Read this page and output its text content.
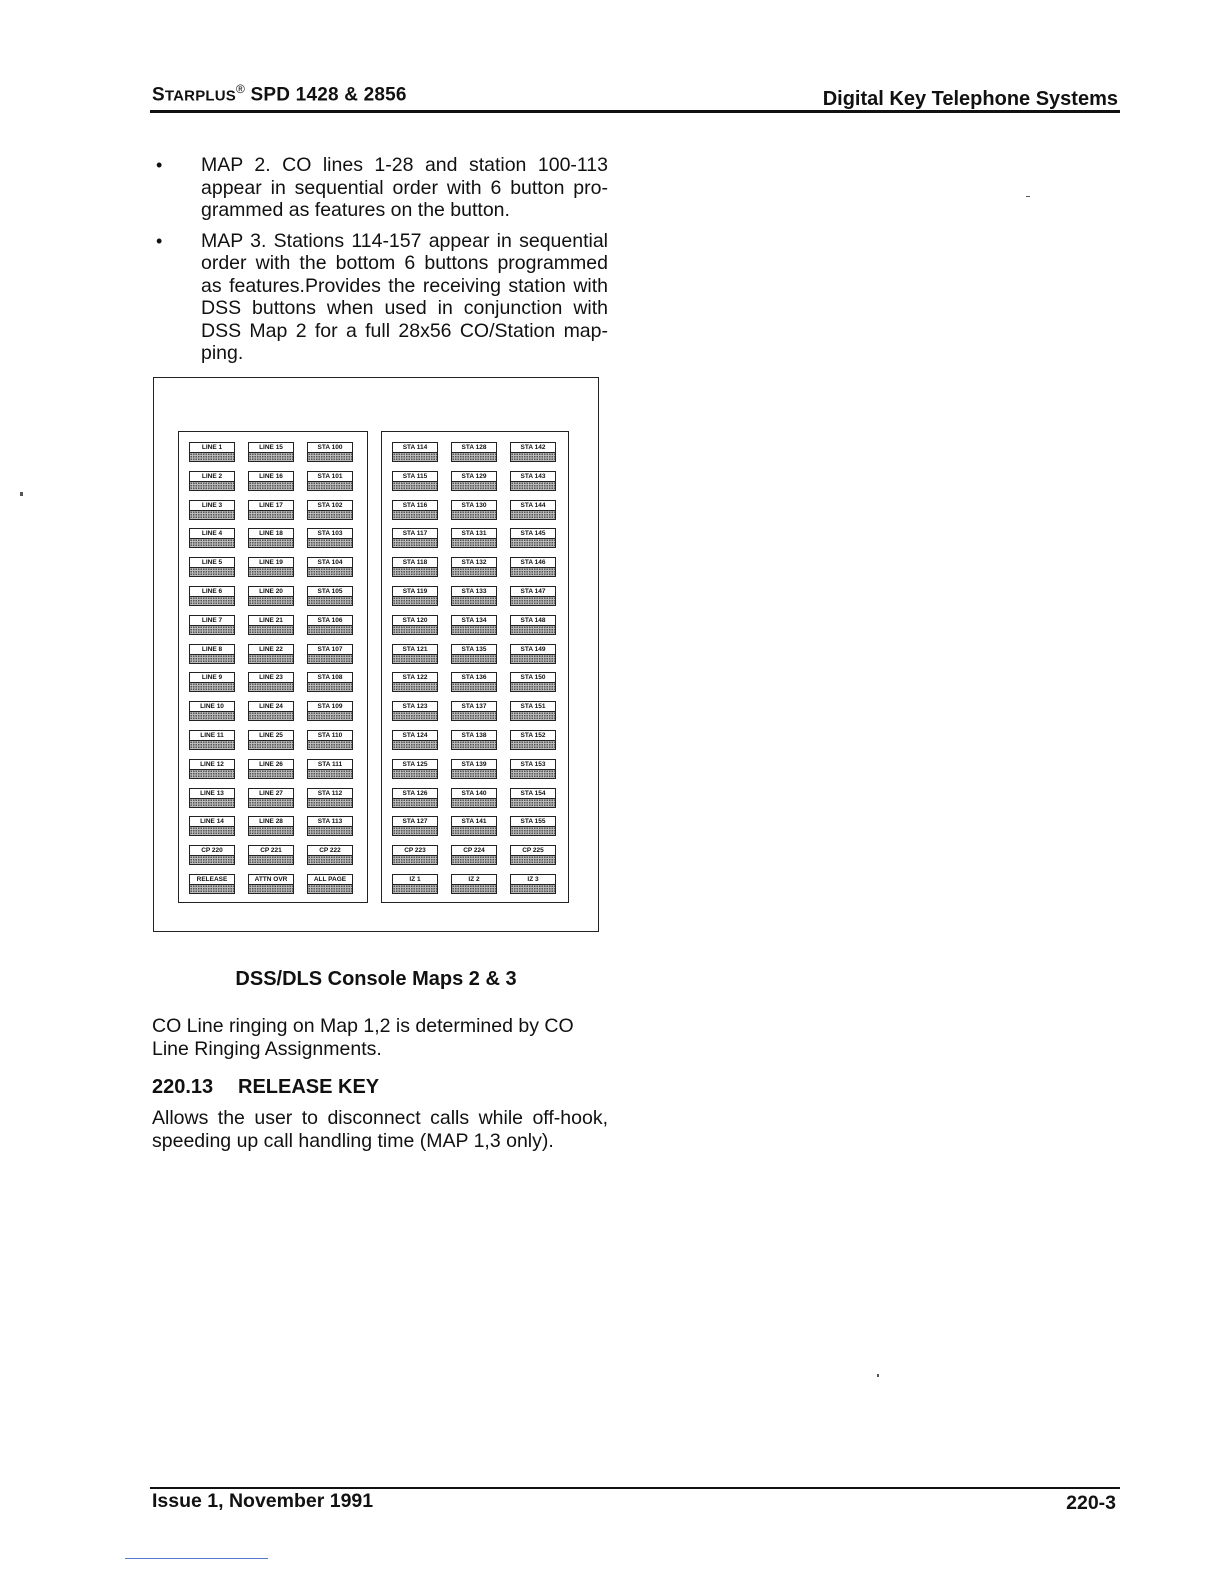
STARPLUS® SPD 1428 & 2856	Digital Key Telephone Systems
• MAP 2. CO lines 1-28 and station 100-113 appear in sequential order with 6 button pro-grammed as features on the button.
• MAP 3. Stations 114-157 appear in sequential order with the bottom 6 buttons programmed as features.Provides the receiving station with DSS buttons when used in conjunction with DSS Map 2 for a full 28x56 CO/Station map-ping.
LINE 1	LINE 15	STA 100
LINE 2	LINE 16	STA 101
LINE 3	LINE 17	STA 102
LINE 4	LINE 18	STA 103
LINE 5	LINE 19	STA 104
LINE 6	LINE 20	STA 105
LINE 7	LINE 21	STA 106
LINE 8	LINE 22	STA 107
LINE 9	LINE 23	STA 108
LINE 10	LINE 24	STA 109
LINE 11	LINE 25	STA 110
LINE 12	LINE 26	STA 111
LINE 13	LINE 27	STA 112
LINE 14	LINE 28	STA 113
CP 220	CP 221	CP 222
RELEASE	ATTN OVR	ALL PAGE
STA 114	STA 128	STA 142
STA 115	STA 129	STA 143
STA 116	STA 130	STA 144
STA 117	STA 131	STA 145
STA 118	STA 132	STA 146
STA 119	STA 133	STA 147
STA 120	STA 134	STA 148
STA 121	STA 135	STA 149
STA 122	STA 136	STA 150
STA 123	STA 137	STA 151
STA 124	STA 138	STA 152
STA 125	STA 139	STA 153
STA 126	STA 140	STA 154
STA 127	STA 141	STA 155
CP 223	CP 224	CP 225
IZ 1	IZ 2	IZ 3
DSS/DLS Console Maps 2 & 3
CO Line ringing on Map 1,2 is determined by CO Line Ringing Assignments.
220.13 RELEASE KEY
Allows the user to disconnect calls while off-hook, speeding up call handling time (MAP 1,3 only).
Issue 1, November 1991	220-3
